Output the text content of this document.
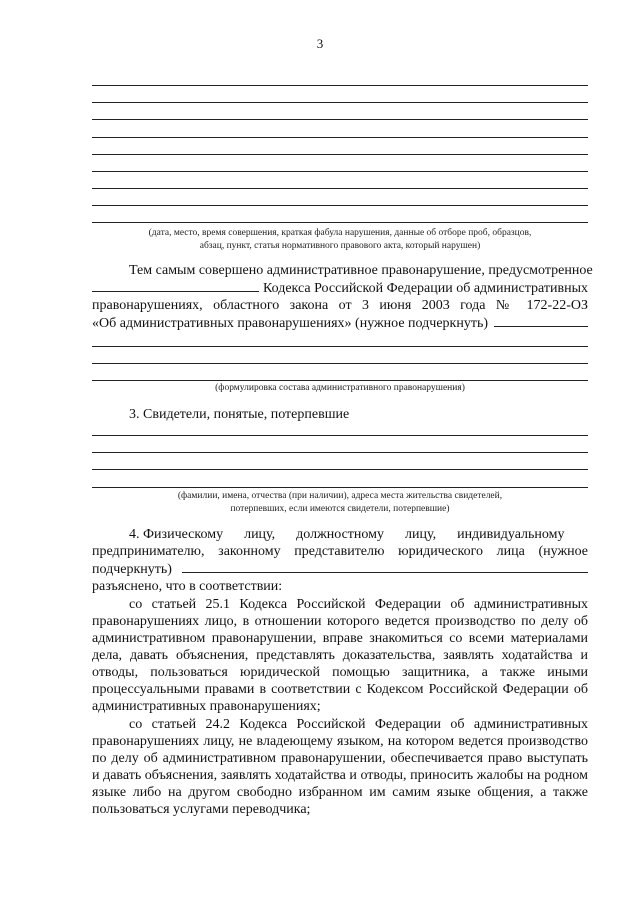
3
(дата, место, время совершения, краткая фабула нарушения, данные об отборе проб, образцов,
абзац, пункт, статья нормативного правового акта, который нарушен)
Тем самым совершено административное правонарушение, предусмотренное
Кодекса Российской Федерации об административных
правонарушениях, областного закона от 3 июня 2003 года № 172-22-ОЗ
«Об административных правонарушениях» (нужное подчеркнуть)
(формулировка состава административного правонарушения)
3. Свидетели, понятые, потерпевшие
(фамилии, имена, отчества (при наличии), адреса места жительства свидетелей,
потерпевших, если имеются свидетели, потерпевшие)
4. Физическому      лицу,      должностному      лицу,      индивидуальному
предпринимателю, законному представителю юридического лица (нужное
подчеркнуть)
разъяснено, что в соответствии:
со статьей 25.1 Кодекса Российской Федерации об административных правонарушениях лицо, в отношении которого ведется производство по делу об административном правонарушении, вправе знакомиться со всеми материалами дела, давать объяснения, представлять доказательства, заявлять ходатайства и отводы, пользоваться юридической помощью защитника, а также иными процессуальными правами в соответствии с Кодексом Российской Федерации об административных правонарушениях;
со статьей 24.2 Кодекса Российской Федерации об административных правонарушениях лицу, не владеющему языком, на котором ведется производство по делу об административном правонарушении, обеспечивается право выступать и давать объяснения, заявлять ходатайства и отводы, приносить жалобы на родном языке либо на другом свободно избранном им самим языке общения, а также пользоваться услугами переводчика;
